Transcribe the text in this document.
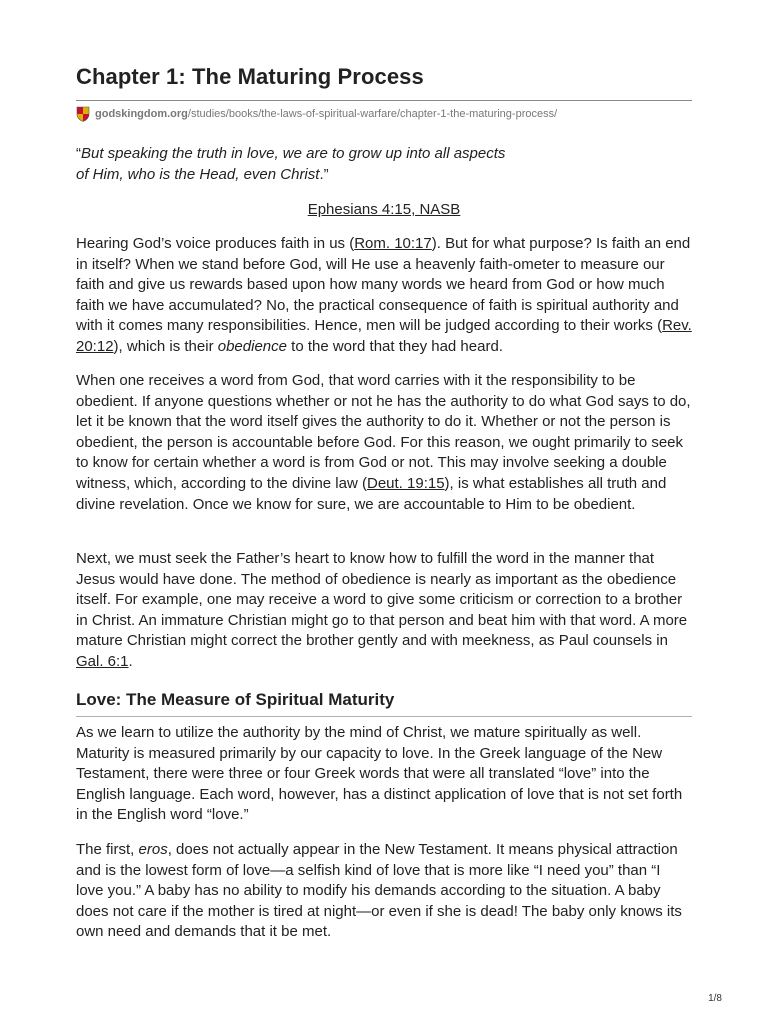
Chapter 1: The Maturing Process
godskingdom.org /studies/books/the-laws-of-spiritual-warfare/chapter-1-the-maturing-process/

“But speaking the truth in love, we are to grow up into all aspects
of Him, who is the Head, even Christ.”

Ephesians 4:15, NASB

Hearing God’s voice produces faith in us (Rom. 10:17). But for what purpose? Is faith an end in itself? When we stand before God, will He use a heavenly faith-ometer to measure our faith and give us rewards based upon how many words we heard from God or how much faith we have accumulated? No, the practical consequence of faith is spiritual authority and with it comes many responsibilities. Hence, men will be judged according to their works (Rev. 20:12), which is their obedience to the word that they had heard.

When one receives a word from God, that word carries with it the responsibility to be obedient. If anyone questions whether or not he has the authority to do what God says to do, let it be known that the word itself gives the authority to do it. Whether or not the person is obedient, the person is accountable before God. For this reason, we ought primarily to seek to know for certain whether a word is from God or not. This may involve seeking a double witness, which, according to the divine law (Deut. 19:15), is what establishes all truth and divine revelation. Once we know for sure, we are accountable to Him to be obedient.

Next, we must seek the Father’s heart to know how to fulfill the word in the manner that Jesus would have done. The method of obedience is nearly as important as the obedience itself. For example, one may receive a word to give some criticism or correction to a brother in Christ. An immature Christian might go to that person and beat him with that word. A more mature Christian might correct the brother gently and with meekness, as Paul counsels in Gal. 6:1.

Love: The Measure of Spiritual Maturity

As we learn to utilize the authority by the mind of Christ, we mature spiritually as well. Maturity is measured primarily by our capacity to love. In the Greek language of the New Testament, there were three or four Greek words that were all translated “love” into the English language. Each word, however, has a distinct application of love that is not set forth in the English word “love.”

The first, eros, does not actually appear in the New Testament. It means physical attraction and is the lowest form of love—a selfish kind of love that is more like “I need you” than “I love you.” A baby has no ability to modify his demands according to the situation. A baby does not care if the mother is tired at night—or even if she is dead! The baby only knows its own need and demands that it be met.

1/8
